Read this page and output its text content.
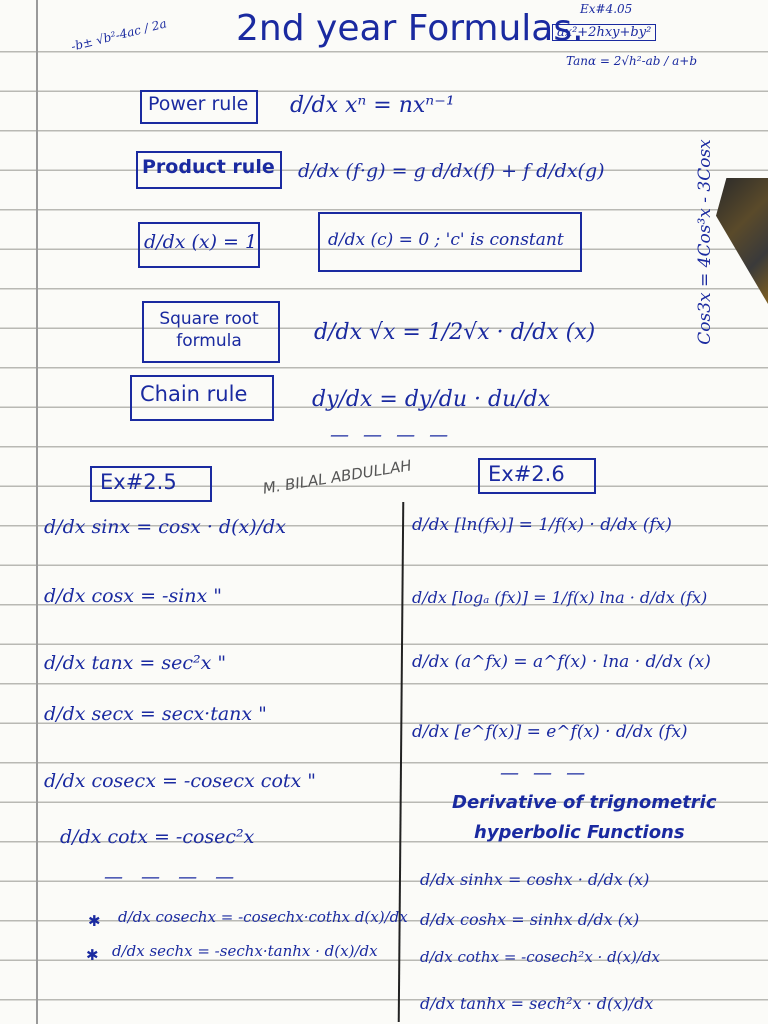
-b± √b²-4ac / 2a 2nd year Formulas.
Ex#4.05
ax²+2hxy+by²
Tanα = 2√h²-ab / a+b
Cos3x = 4Cos³x - 3Cosx
Power rule d/dx xⁿ = nxⁿ⁻¹
Product rule d/dx (f·g) = g d/dx(f) + f d/dx(g)
d/dx (x) = 1	d/dx (c) = 0 ; 'c' is constant
Square root formula	d/dx √x = 1/2√x · d/dx (x)
Chain rule	dy/dx = dy/du · du/dx
— — — —
M. BILAL ABDULLAH
Ex#2.5	Ex#2.6
d/dx sinx = cosx · d(x)/dx
d/dx cosx = -sinx "
d/dx tanx = sec²x "
d/dx secx = secx·tanx "
d/dx cosecx = -cosecx cotx "
d/dx cotx = -cosec²x
d/dx [ln(fx)] = 1/f(x) · d/dx (fx)
d/dx [logₐ (fx)] = 1/f(x) lna · d/dx (fx)
d/dx (a^fx) = a^f(x) · lna · d/dx (x)
d/dx [e^f(x)] = e^f(x) · d/dx (fx)
— — —
Derivative of trignometric
hyperbolic Functions
— — — —
✱ d/dx cosechx = -cosechx·cothx d(x)/dx
✱ d/dx sechx = -sechx·tanhx · d(x)/dx
d/dx sinhx = coshx · d/dx (x)
d/dx coshx = sinhx d/dx (x)
d/dx cothx = -cosech²x · d(x)/dx
d/dx tanhx = sech²x · d(x)/dx
